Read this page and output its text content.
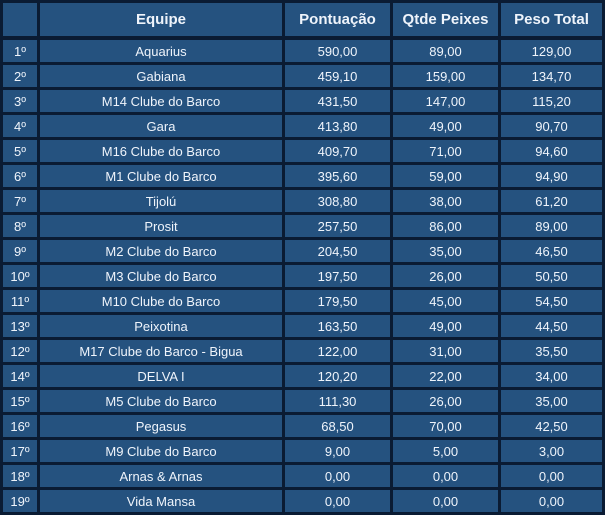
	Equipe	Pontuação	Qtde Peixes	Peso Total
1º	Aquarius	590,00	89,00	129,00
2º	Gabiana	459,10	159,00	134,70
3º	M14 Clube do Barco	431,50	147,00	115,20
4º	Gara	413,80	49,00	90,70
5º	M16 Clube do Barco	409,70	71,00	94,60
6º	M1 Clube do Barco	395,60	59,00	94,90
7º	Tijolú	308,80	38,00	61,20
8º	Prosit	257,50	86,00	89,00
9º	M2 Clube do Barco	204,50	35,00	46,50
10º	M3 Clube do Barco	197,50	26,00	50,50
11º	M10 Clube do Barco	179,50	45,00	54,50
13º	Peixotina	163,50	49,00	44,50
12º	M17 Clube do Barco - Bigua	122,00	31,00	35,50
14º	DELVA I	120,20	22,00	34,00
15º	M5 Clube do Barco	111,30	26,00	35,00
16º	Pegasus	68,50	70,00	42,50
17º	M9 Clube do Barco	9,00	5,00	3,00
18º	Arnas & Arnas	0,00	0,00	0,00
19º	Vida Mansa	0,00	0,00	0,00
